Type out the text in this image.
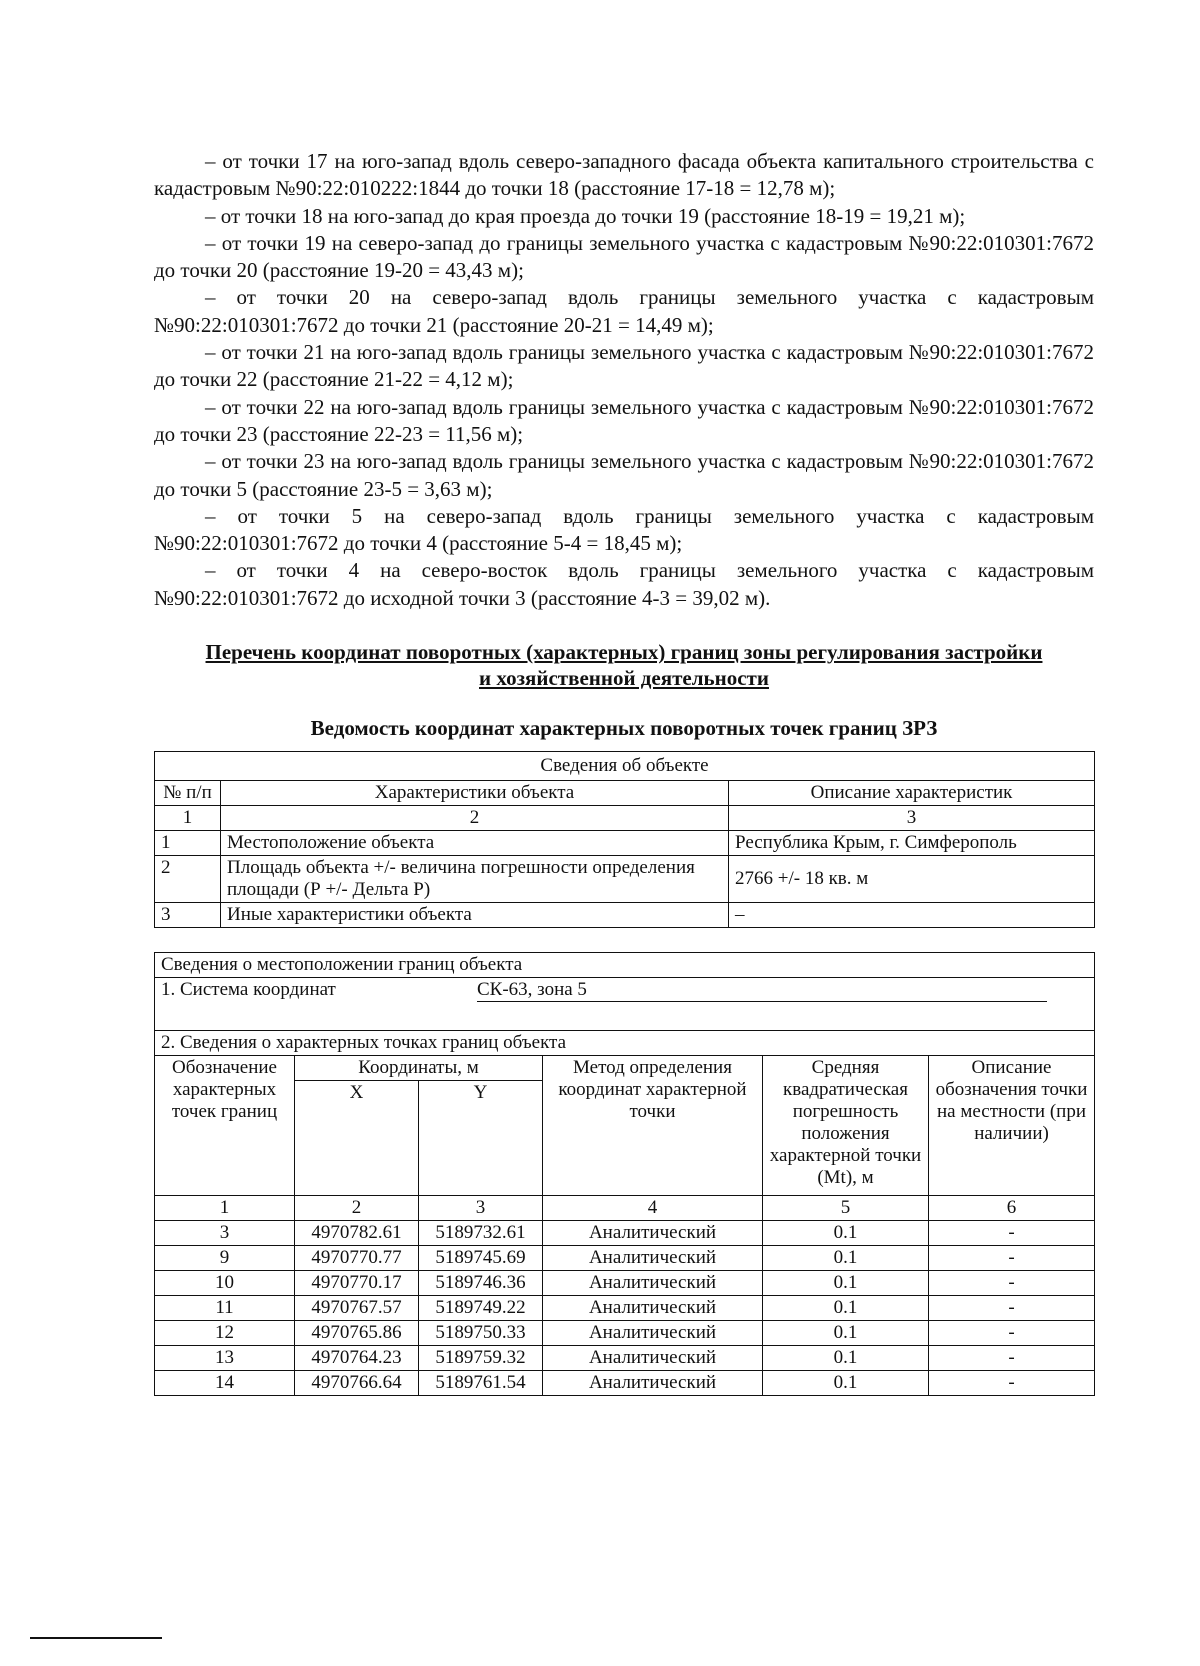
– от точки 17 на юго-запад вдоль северо-западного фасада объекта капитального строительства с кадастровым №90:22:010222:1844 до точки 18 (расстояние 17-18 = 12,78 м);

– от точки 18 на юго-запад до края проезда до точки 19 (расстояние 18-19 = 19,21 м);

– от точки 19 на северо-запад до границы земельного участка с кадастровым №90:22:010301:7672 до точки 20 (расстояние 19-20 = 43,43 м);

– от точки 20 на северо-запад вдоль границы земельного участка с кадастровым №90:22:010301:7672 до точки 21 (расстояние 20-21 = 14,49 м);

– от точки 21 на юго-запад вдоль границы земельного участка с кадастровым №90:22:010301:7672 до точки 22 (расстояние 21-22 = 4,12 м);

– от точки 22 на юго-запад вдоль границы земельного участка с кадастровым №90:22:010301:7672 до точки 23 (расстояние 22-23 = 11,56 м);

– от точки 23 на юго-запад вдоль границы земельного участка с кадастровым №90:22:010301:7672 до точки 5 (расстояние 23-5 = 3,63 м);

– от точки 5 на северо-запад вдоль границы земельного участка с кадастровым №90:22:010301:7672 до точки 4 (расстояние 5-4 = 18,45 м);

– от точки 4 на северо-восток вдоль границы земельного участка с кадастровым №90:22:010301:7672 до исходной точки 3 (расстояние 4-3 = 39,02 м).

Перечень координат поворотных (характерных) границ зоны регулирования застройки
и хозяйственной деятельности
Ведомость координат характерных поворотных точек границ ЗРЗ
Сведения об объекте		
№ п/п	Характеристики объекта	Описание характеристик
1	2	3
1	Местоположение объекта	Республика Крым, г. Симферополь
2	Площадь объекта +/- величина погрешности определения площади (Р +/- Дельта Р)	2766 +/- 18 кв. м
3	Иные характеристики объекта	–
Сведения о местоположении границ объекта					
1. Система координат СК-63, зона 5					

2. Сведения о характерных точках границ объекта					
Обозначение характерных точек границ	Координаты, м		Метод определения координат характерной точки	Средняя квадратическая погрешность положения характерной точки (Mt), м	Описание обозначения точки на местности (при наличии)
	X	Y			
1	2	3	4	5	6
3	4970782.61	5189732.61	Аналитический	0.1	-
9	4970770.77	5189745.69	Аналитический	0.1	-
10	4970770.17	5189746.36	Аналитический	0.1	-
11	4970767.57	5189749.22	Аналитический	0.1	-
12	4970765.86	5189750.33	Аналитический	0.1	-
13	4970764.23	5189759.32	Аналитический	0.1	-
14	4970766.64	5189761.54	Аналитический	0.1	-
